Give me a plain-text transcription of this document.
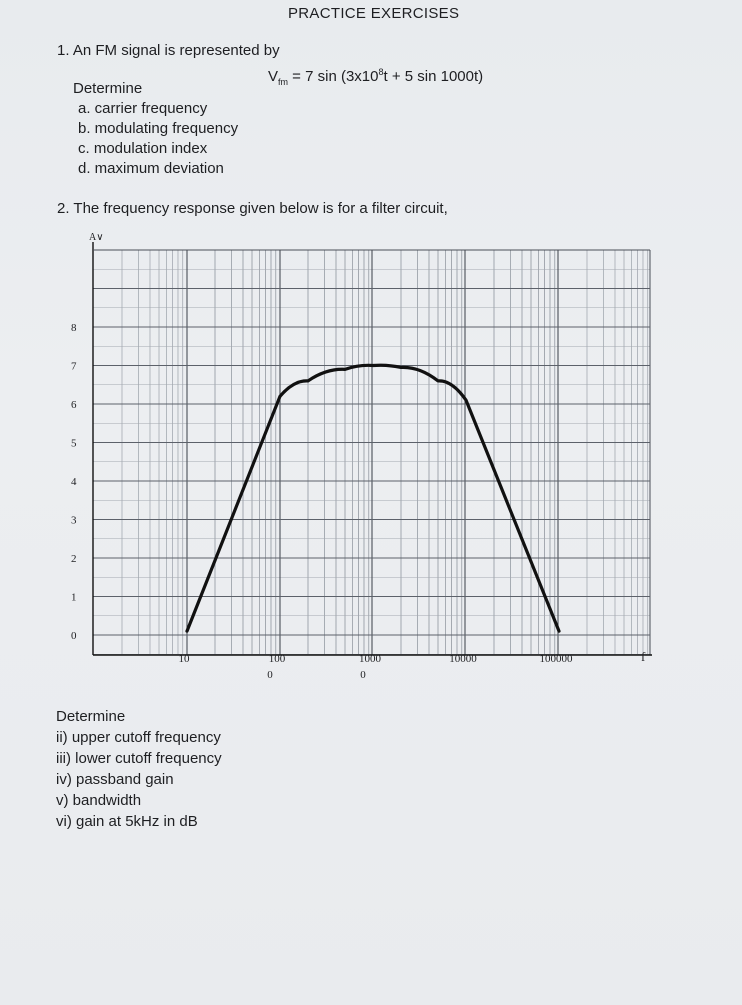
PRACTICE EXERCISES
1. An FM signal is represented by
$V_{fm} = 7$ $\sin (3x10^8t + 5$ sin 1000t)
Determine
a. carrier frequency
b. modulating frequency
c. modulation index
d. maximum deviation
2. The frequency response given below is for a filter circuit,
0
1
2
3
4
5
6
7
8
10	100
0
1000
0
10000	100000
A∨
f
Determine
ii) upper cutoff frequency
iii) lower cutoff frequency
iv) passband gain
v) bandwidth
vi) gain at 5kHz in dB
